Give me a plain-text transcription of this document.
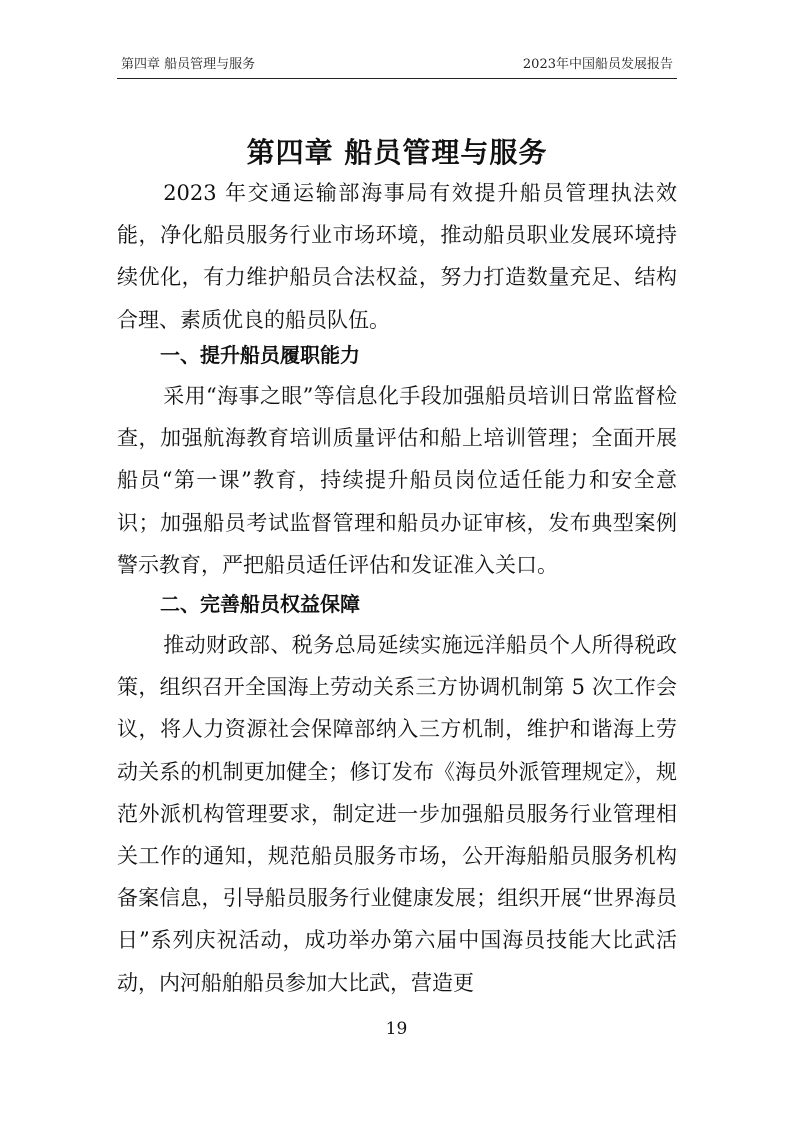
第四章 船员管理与服务	2023年中国船员发展报告
第四章 船员管理与服务

2023 年交通运输部海事局有效提升船员管理执法效能，净化船员服务行业市场环境，推动船员职业发展环境持续优化，有力维护船员合法权益，努力打造数量充足、结构合理、素质优良的船员队伍。

一、提升船员履职能力

采用“海事之眼”等信息化手段加强船员培训日常监督检查，加强航海教育培训质量评估和船上培训管理；全面开展船员“第一课”教育，持续提升船员岗位适任能力和安全意识；加强船员考试监督管理和船员办证审核，发布典型案例警示教育，严把船员适任评估和发证准入关口。

二、完善船员权益保障

推动财政部、税务总局延续实施远洋船员个人所得税政策，组织召开全国海上劳动关系三方协调机制第 5 次工作会议，将人力资源社会保障部纳入三方机制，维护和谐海上劳动关系的机制更加健全；修订发布《海员外派管理规定》，规范外派机构管理要求，制定进一步加强船员服务行业管理相关工作的通知，规范船员服务市场，公开海船船员服务机构备案信息，引导船员服务行业健康发展；组织开展“世界海员日”系列庆祝活动，成功举办第六届中国海员技能大比武活动，内河船舶船员参加大比武，营造更

19
